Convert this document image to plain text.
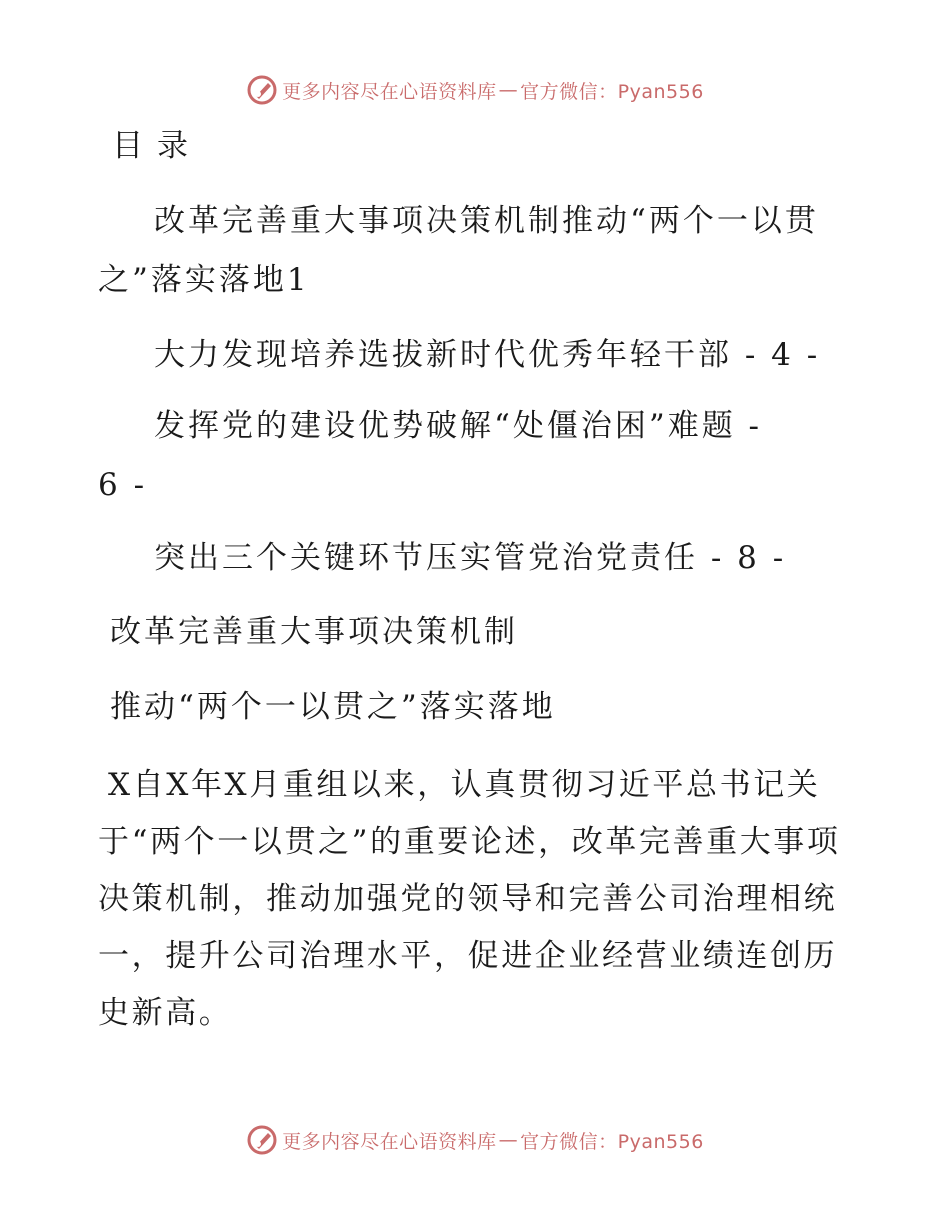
更多内容尽在心语资料库 — 官方微信：Pyan556
目录
改革完善重大事项决策机制推动“两个一以贯
之”落实落地1
大力发现培养选拔新时代优秀年轻干部 - 4 -
发挥党的建设优势破解“处僵治困”难题 -
6 -
突出三个关键环节压实管党治党责任 - 8 -
改革完善重大事项决策机制
推动“两个一以贯之”落实落地
X自X年X月重组以来，认真贯彻习近平总书记关于“两个一以贯之”的重要论述，改革完善重大事项决策机制，推动加强党的领导和完善公司治理相统一，提升公司治理水平，促进企业经营业绩连创历史新高。
更多内容尽在心语资料库 — 官方微信：Pyan556
